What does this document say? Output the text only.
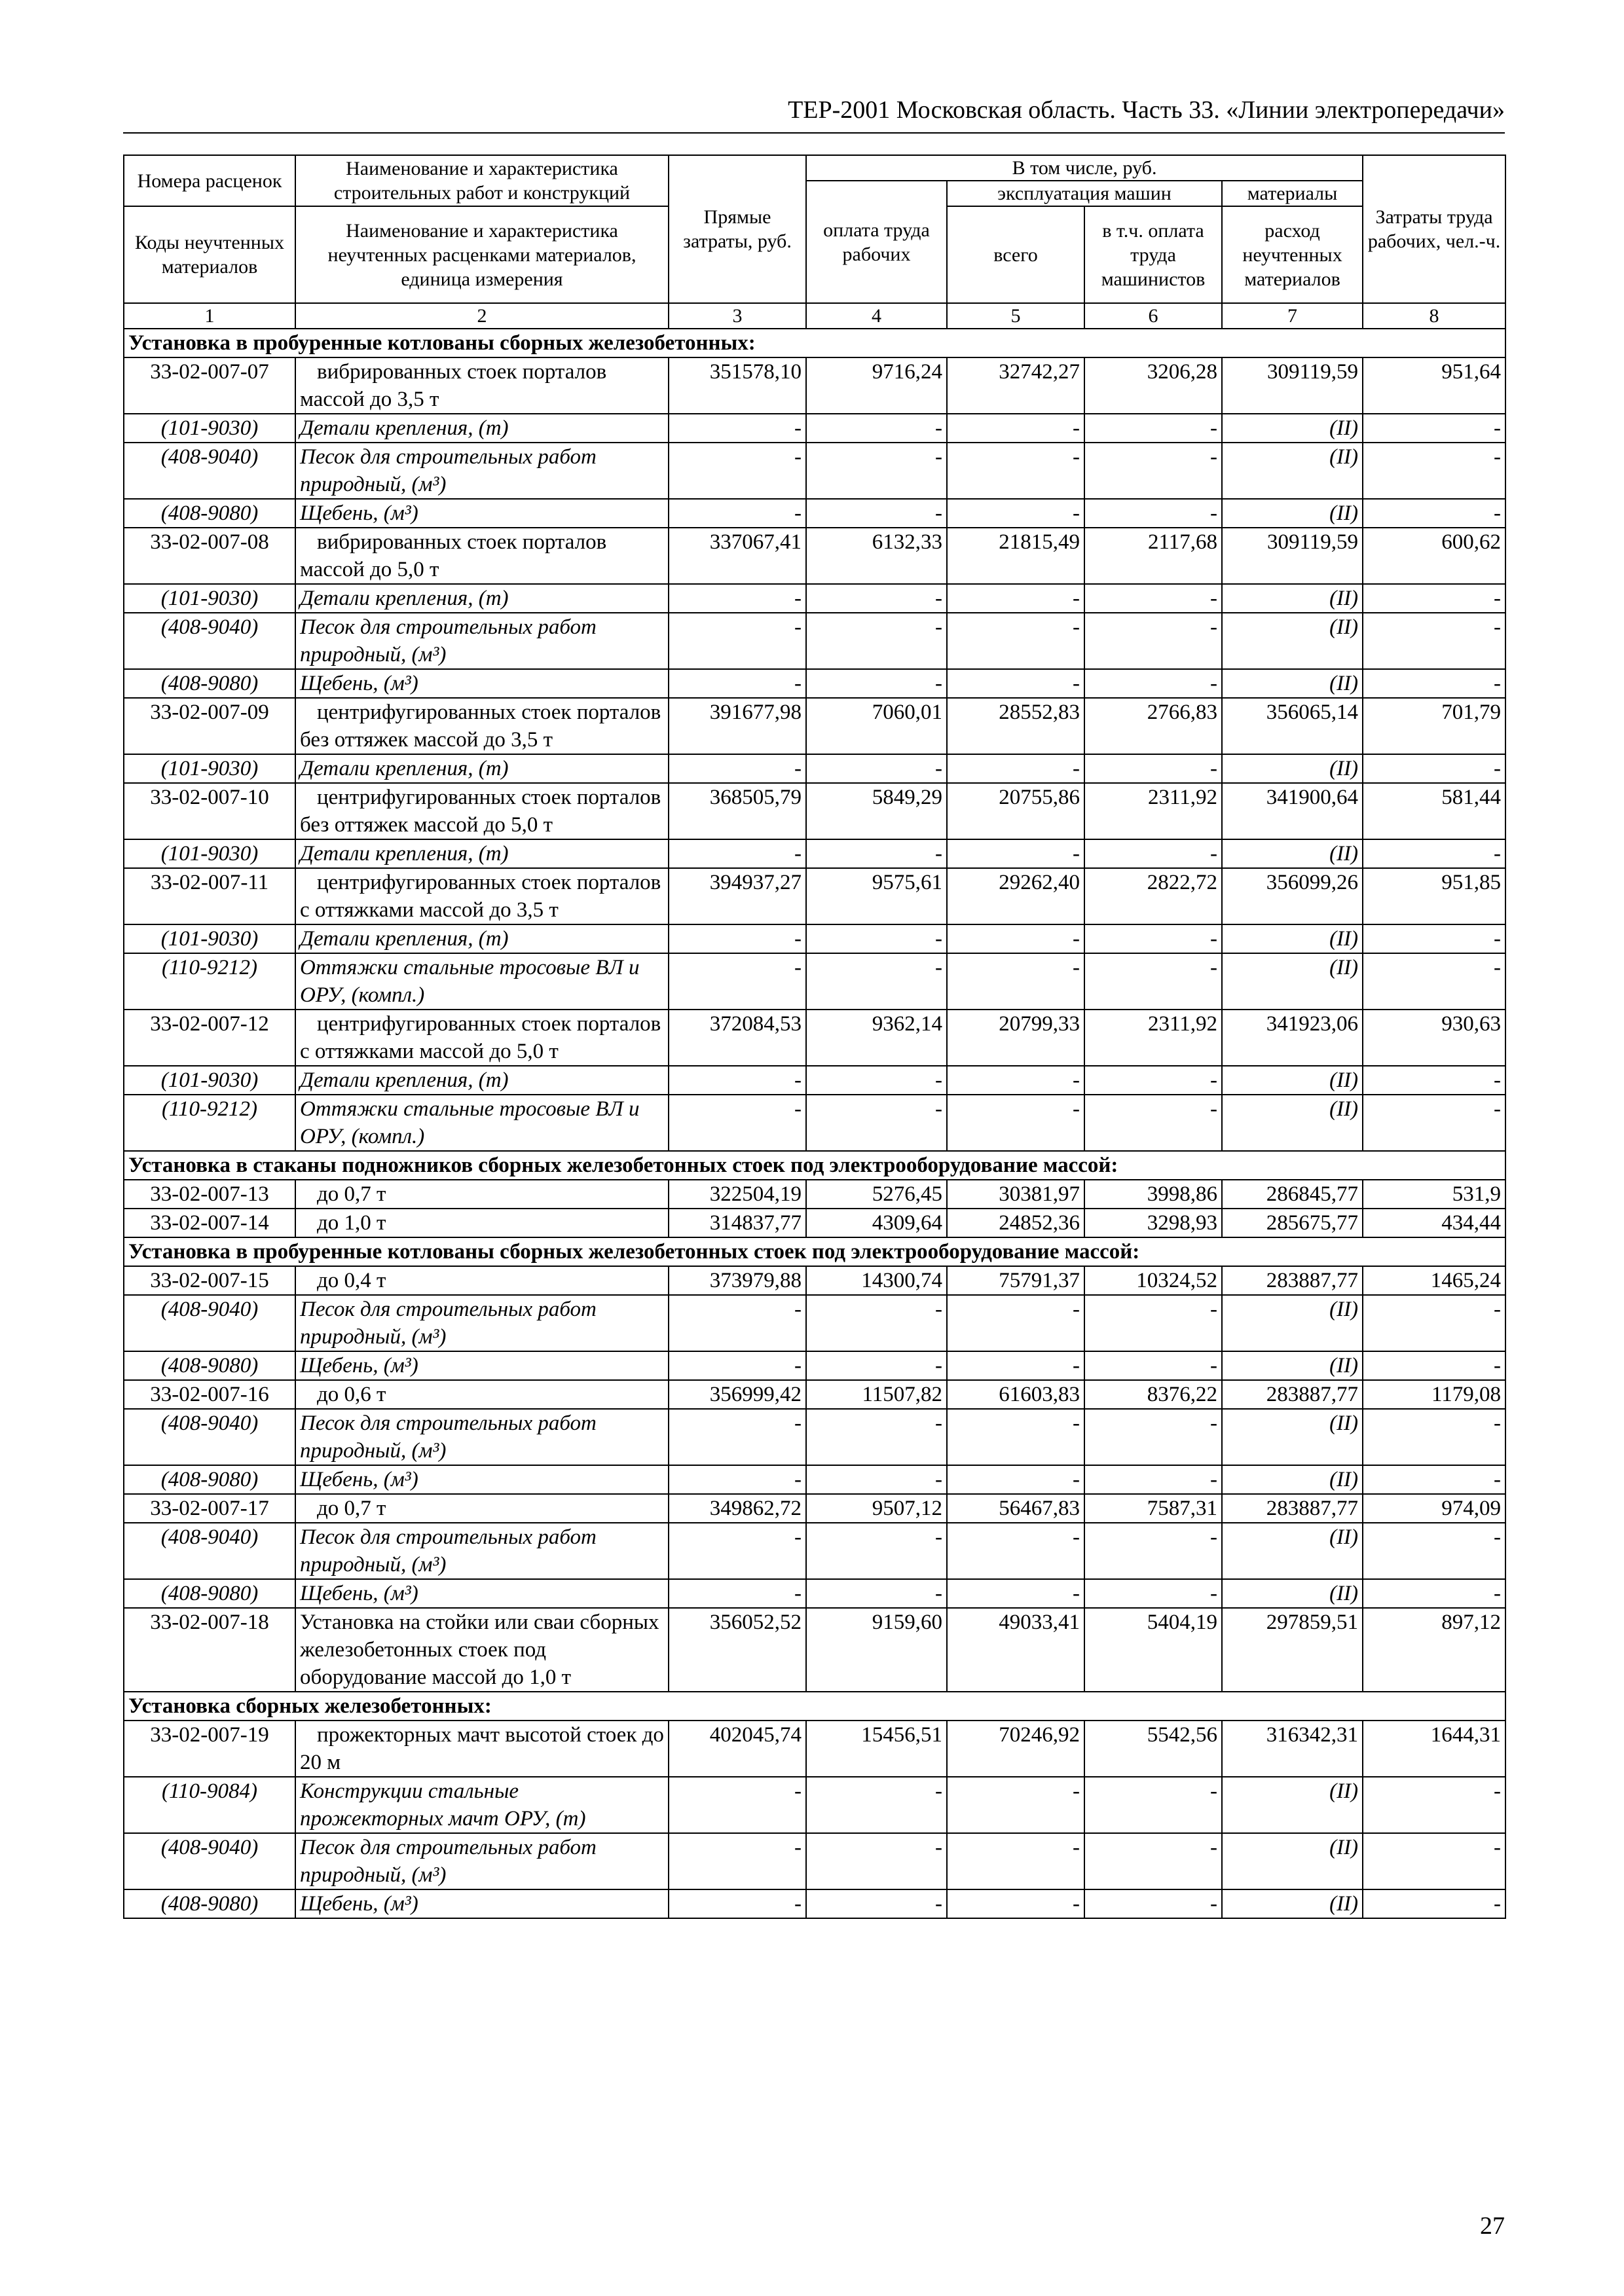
ТЕР-2001 Московская область. Часть 33. «Линии электропередачи»
Номера расценок	Наименование и характеристика строительных работ и конструкций	Прямые затраты, руб.	В том числе, руб.				Затраты труда рабочих, чел.-ч.
			оплата труда рабочих	эксплуатация машин		материалы	
Коды неучтенных материалов	Наименование и характеристика неучтенных расценками материалов, единица измерения			всего	в т.ч. оплата труда машинистов	расход неучтенных материалов	

1	2	3	4	5	6	7	8
Установка в пробуренные котлованы сборных железобетонных:							
33-02-007-07	вибрированных стоек порталов массой до 3,5 т	351578,10	9716,24	32742,27	3206,28	309119,59	951,64
(101-9030)	Детали крепления, (т)	-	-	-	-	(II)	-
(408-9040)	Песок для строительных работ природный, (м³)	-	-	-	-	(II)	-
(408-9080)	Щебень, (м³)	-	-	-	-	(II)	-
33-02-007-08	вибрированных стоек порталов массой до 5,0 т	337067,41	6132,33	21815,49	2117,68	309119,59	600,62
(101-9030)	Детали крепления, (т)	-	-	-	-	(II)	-
(408-9040)	Песок для строительных работ природный, (м³)	-	-	-	-	(II)	-
(408-9080)	Щебень, (м³)	-	-	-	-	(II)	-
33-02-007-09	центрифугированных стоек порталов без оттяжек массой до 3,5 т	391677,98	7060,01	28552,83	2766,83	356065,14	701,79
(101-9030)	Детали крепления, (т)	-	-	-	-	(II)	-
33-02-007-10	центрифугированных стоек порталов без оттяжек массой до 5,0 т	368505,79	5849,29	20755,86	2311,92	341900,64	581,44
(101-9030)	Детали крепления, (т)	-	-	-	-	(II)	-
33-02-007-11	центрифугированных стоек порталов с оттяжками массой до 3,5 т	394937,27	9575,61	29262,40	2822,72	356099,26	951,85
(101-9030)	Детали крепления, (т)	-	-	-	-	(II)	-
(110-9212)	Оттяжки стальные тросовые ВЛ и ОРУ, (компл.)	-	-	-	-	(II)	-
33-02-007-12	центрифугированных стоек порталов с оттяжками массой до 5,0 т	372084,53	9362,14	20799,33	2311,92	341923,06	930,63
(101-9030)	Детали крепления, (т)	-	-	-	-	(II)	-
(110-9212)	Оттяжки стальные тросовые ВЛ и ОРУ, (компл.)	-	-	-	-	(II)	-
Установка в стаканы подножников сборных железобетонных стоек под электрооборудование массой:							
33-02-007-13	до 0,7 т	322504,19	5276,45	30381,97	3998,86	286845,77	531,9
33-02-007-14	до 1,0 т	314837,77	4309,64	24852,36	3298,93	285675,77	434,44
Установка в пробуренные котлованы сборных железобетонных стоек под электрооборудование массой:							
33-02-007-15	до 0,4 т	373979,88	14300,74	75791,37	10324,52	283887,77	1465,24
(408-9040)	Песок для строительных работ природный, (м³)	-	-	-	-	(II)	-
(408-9080)	Щебень, (м³)	-	-	-	-	(II)	-
33-02-007-16	до 0,6 т	356999,42	11507,82	61603,83	8376,22	283887,77	1179,08
(408-9040)	Песок для строительных работ природный, (м³)	-	-	-	-	(II)	-
(408-9080)	Щебень, (м³)	-	-	-	-	(II)	-
33-02-007-17	до 0,7 т	349862,72	9507,12	56467,83	7587,31	283887,77	974,09
(408-9040)	Песок для строительных работ природный, (м³)	-	-	-	-	(II)	-
(408-9080)	Щебень, (м³)	-	-	-	-	(II)	-
33-02-007-18	Установка на стойки или сваи сборных железобетонных стоек под оборудование массой до 1,0 т	356052,52	9159,60	49033,41	5404,19	297859,51	897,12
Установка сборных железобетонных:							
33-02-007-19	прожекторных мачт высотой стоек до 20 м	402045,74	15456,51	70246,92	5542,56	316342,31	1644,31
(110-9084)	Конструкции стальные прожекторных мачт ОРУ, (т)	-	-	-	-	(II)	-
(408-9040)	Песок для строительных работ природный, (м³)	-	-	-	-	(II)	-
(408-9080)	Щебень, (м³)	-	-	-	-	(II)	-
27
